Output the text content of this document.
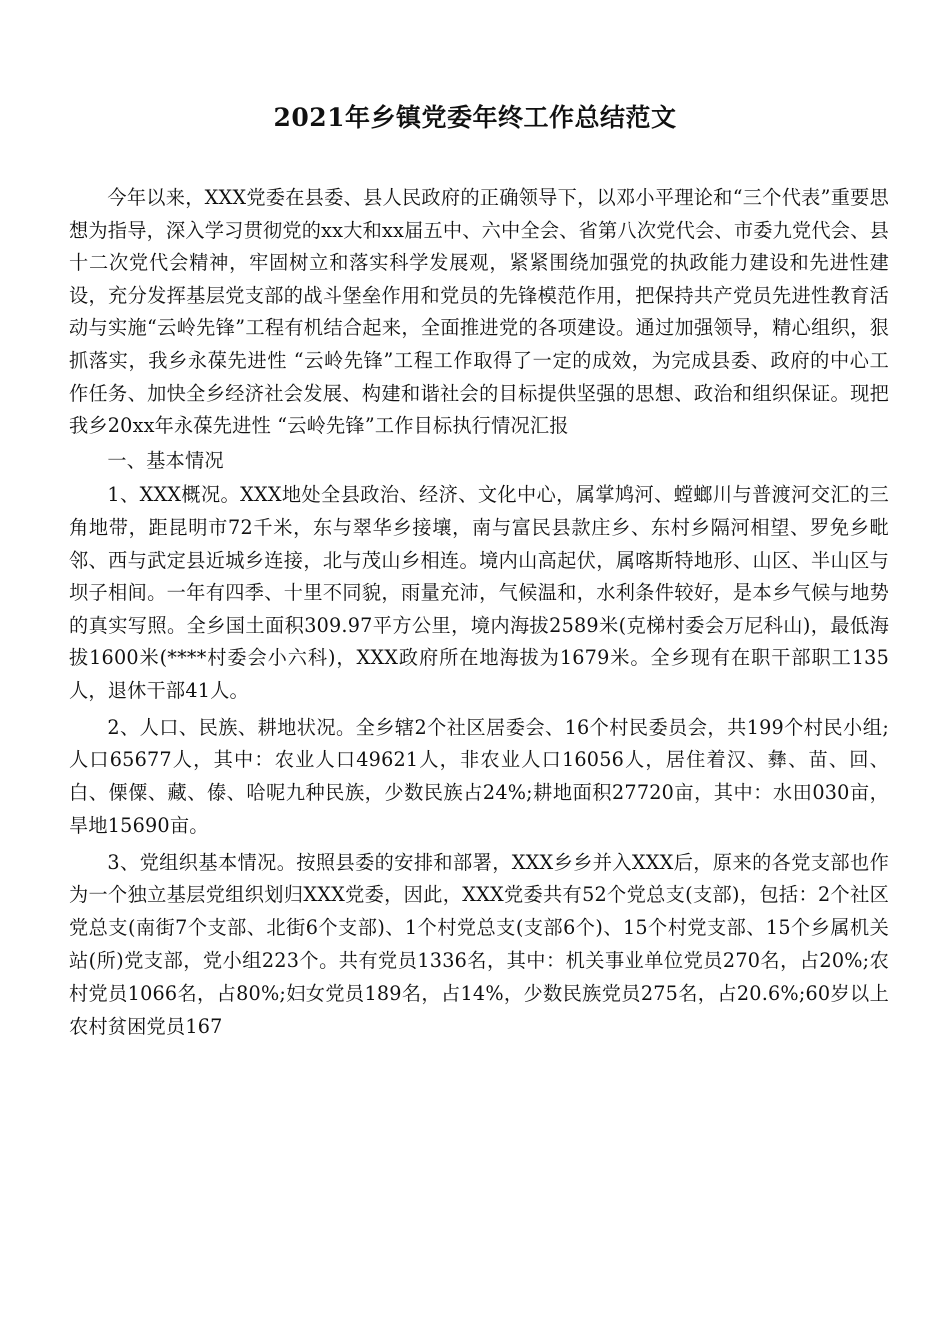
2021年乡镇党委年终工作总结范文

今年以来，XXX党委在县委、县人民政府的正确领导下，以邓小平理论和“三个代表”重要思想为指导，深入学习贯彻党的xx大和xx届五中、六中全会、省第八次党代会、市委九党代会、县十二次党代会精神，牢固树立和落实科学发展观，紧紧围绕加强党的执政能力建设和先进性建设，充分发挥基层党支部的战斗堡垒作用和党员的先锋模范作用，把保持共产党员先进性教育活动与实施“云岭先锋”工程有机结合起来，全面推进党的各项建设。通过加强领导，精心组织，狠抓落实，我乡永葆先进性 “云岭先锋”工程工作取得了一定的成效，为完成县委、政府的中心工作任务、加快全乡经济社会发展、构建和谐社会的目标提供坚强的思想、政治和组织保证。现把我乡20xx年永葆先进性 “云岭先锋”工作目标执行情况汇报

一、基本情况

1、XXX概况。XXX地处全县政治、经济、文化中心，属掌鸠河、螳螂川与普渡河交汇的三角地带，距昆明市72千米，东与翠华乡接壤，南与富民县款庄乡、东村乡隔河相望、罗免乡毗邻、西与武定县近城乡连接，北与茂山乡相连。境内山高起伏，属喀斯特地形、山区、半山区与坝子相间。一年有四季、十里不同貌，雨量充沛，气候温和，水利条件较好，是本乡气候与地势的真实写照。全乡国土面积309.97平方公里，境内海拔2589米(克梯村委会万尼科山)，最低海拔1600米(****村委会小六科)，XXX政府所在地海拔为1679米。全乡现有在职干部职工135人，退休干部41人。

2、人口、民族、耕地状况。全乡辖2个社区居委会、16个村民委员会，共199个村民小组;人口65677人，其中：农业人口49621人，非农业人口16056人，居住着汉、彝、苗、回、白、傈僳、藏、傣、哈呢九种民族，少数民族占24%;耕地面积27720亩，其中：水田030亩，旱地15690亩。

3、党组织基本情况。按照县委的安排和部署，XXX乡乡并入XXX后，原来的各党支部也作为一个独立基层党组织划归XXX党委，因此，XXX党委共有52个党总支(支部)，包括：2个社区党总支(南街7个支部、北街6个支部)、1个村党总支(支部6个)、15个村党支部、15个乡属机关站(所)党支部，党小组223个。共有党员1336名，其中：机关事业单位党员270名，占20%;农村党员1066名，占80%;妇女党员189名，占14%，少数民族党员275名，占20.6%;60岁以上农村贫困党员167
